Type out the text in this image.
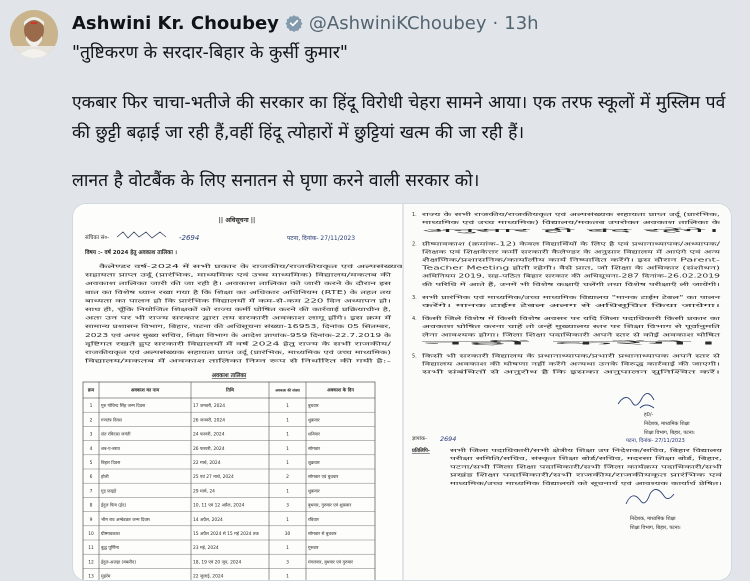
Ashwini Kr. Choubey @AshwiniKChoubey · 13h
"तुष्टिकरण के सरदार-बिहार के कुर्सी कुमार"
एकबार फिर चाचा-भतीजे की सरकार का हिंदू विरोधी चेहरा सामने आया। एक तरफ स्कूलों में मुस्लिम पर्व की छुट्टी बढ़ाई जा रही हैं,वहीं हिंदू त्योहारों में छुट्टियां खत्म की जा रही हैं।
लानत है वोटबैंक के लिए सनातन से घृणा करने वाली सरकार को।
|| अधिसूचना ||
संचिका सं०-	-2694	पटना, दिनांक- 27/11/2023
विषय :- वर्ष 2024 हेतु अवकाश तालिका ।
कैलेण्डर वर्ष-2024 में सभी प्रकार के राजकीय/राजकीयकृत एवं अल्पसंख्यक
सहायता प्राप्त उर्दू (प्रारंभिक, माध्यमिक एवं उच्च माध्यमिक) विद्यालय/मकतब की
अवकाश तालिका जारी की जा रही है। अवकाश तालिका को जारी करने के दौरान इस
बात का विशेष ध्यान रखा गया है कि शिक्षा का अधिकार अधिनियम (RTE) के तहत तय
बाध्यता का पालन हो कि प्रारंभिक विद्यालयों में कम-से-कम 220 दिन अध्यापन हो।
साथ ही, चूँकि नियोजित शिक्षकों को राज्य कर्मी घोषित करने की कार्रवाई प्रक्रियाधीन है,
अतः उन पर भी राज्य सरकार द्वारा तय सरकारी अवकाश लागू होंगे। इस क्रम में
सामान्य प्रशासन विभाग, बिहार, पटना की अधिसूचना संख्या-16953, दिनांक 05 सितम्बर,
2023 एवं अपर मुख्य सचिव, शिक्षा विभाग के आदेश ज्ञापांक-959 दिनांक-22.7.2019 के
दृष्टिगत रखते हुए सरकारी विद्यालयों में वर्ष 2024 हेतु राज्य के सभी राजकीय/
राजकीयकृत एवं अल्पसंख्यक सहायता प्राप्त उर्दू (प्रारंभिक, माध्यमिक एवं उच्च माध्यमिक)
विद्यालय/मकतब में अवकाश तालिका निम्न रूप से निर्धारित की गयी है:-
अवकाश तालिका
क्रम	अवकाश का नाम	तिथि	अवकाश की संख्या	अवकाश के दिन
1 गुरु गोविन्द सिंह जन्म दिवस	17 जनवरी, 2024	1	बुधवार
2 गणतंत्र दिवस	26 जनवरी, 2024	1	शुक्रवार
3 संत रविदास जयंती	24 फरवरी, 2024	1	शनिवार
4 शब-ए-बरात	26 फरवरी, 2024	1	सोमवार
5 बिहार दिवस	22 मार्च, 2024	1	शुक्रवार
6 होली	25 एवं 27 मार्च, 2024	2	सोमवार एवं बुधवार
7 गुड फ्राइडे	29 मार्च, 24	1	शुक्रवार
8 ईदुल फित्र (ईद)	10, 11 एवं 12 अप्रैल, 2024	3	बुधवार, गुरुवार एवं शुक्रवार
9 भीम राव अम्बेडकर जन्म दिवस	14 अप्रैल, 2024	1	रविवार
10 ग्रीष्मावकाश	15 अप्रैल 2024 से 15 मई 2024 तक	30	सोमवार से बुधवार
11 बुद्ध पूर्णिमा	23 मई, 2024	1	गुरुवार
12 ईदुल-अज़हा (बकरीद)	18, 19 एवं 20 जून, 2024	3	मंगलवार, बुधवार एवं गुरुवार
13 मुहर्रम	22 जुलाई, 2024	1
1. राज्य के सभी राजकीय/राजकीयकृत एवं अल्पसंख्यक सहायता प्राप्त उर्दू (प्रारंभिक,
माध्यमिक एवं उच्च माध्यमिक) विद्यालय/मकतब उपरोक्त अवकाश तालिका के
अनुसार ही बंद रहेंगे।
2. ग्रीष्मावकाश (क्रमांक-12) केवल विद्यार्थियों के लिए है एवं प्रधानाध्यापक/अध्यापक/
शिक्षक एवं शिक्षकेत्तर कर्मी सरकारी कैलेण्डर के अनुसार विद्यालय में आएंगे एवं अन्य
शैक्षणिक/प्रशासनिक/कार्यालीय कार्य निष्पादित करेंगे। इस दौरान Parent-
Teacher Meeting होती रहेगी। वैसे प्रात, जो शिक्षा के अधिकार (संशोधन)
अधिनियम 2019, सह-पठित बिहार सरकार की अधिसूचना-287 दिनांक-26.02.2019
की परिधि में आते हैं, उनमें भी विशेष कक्षाएँ चलेंगी तथा विशेष परीक्षाएँ ली जायेंगी।
3. सभी प्रारंभिक एवं माध्यमिक/उच्च माध्यमिक विद्यालय "मानक टाईम टेबल" का पालन
करेंगे। मानक टाईम टेबल अलग से अधिसूचित किया जायेगा।
4. किसी जिले विशेष में किसी विशेष अवसर पर यदि जिला पदाधिकारी किसी प्रकार का
अवकाश घोषित करना चाहें तो उन्हें मुख्यालय स्तर पर शिक्षा विभाग से पूर्वानुमति
लेना आवश्यक होगा। जिला शिक्षा पदाधिकारी अपने स्तर से कोई अवकाश घोषित
नहीं करेंगे।
5. किसी भी सरकारी विद्यालय के प्रधानाध्यापक/प्रभारी प्रधानाध्यापक अपने स्तर से
विद्यालय अवकाश की घोषणा नहीं करेंगे अन्यथा उनके विरुद्ध कार्रवाई की जाएगी।
सभी संबंधितों से अनुरोध है कि इसका अनुपालन सुनिश्चित करें।
ह0/-
निदेशक, माध्यमिक शिक्षा
शिक्षा विभाग, बिहार, पटना।
ज्ञापांक- 2694	पटना, दिनांक- 27/11/2023
प्रतिलिपि-	सभी जिला पदाधिकारी/सभी क्षेत्रीय शिक्षा उप निदेशक/सचिव, बिहार विद्यालय
परीक्षा समिति/सचिव, संस्कृत शिक्षा बोर्ड/सचिव, मदरसा शिक्षा बोर्ड, बिहार,
पटना/सभी जिला शिक्षा पदाधिकारी/सभी जिला कार्यक्रम पदाधिकारी/सभी
प्रखंड शिक्षा पदाधिकारी/सभी राजकीय/राजकीयकृत प्रारंभिक एवं
माध्यमिक/उच्च माध्यमिक विद्यालयों को सूचनार्थ एवं आवश्यक कार्यार्थ प्रेषित।
निदेशक, माध्यमिक शिक्षा
शिक्षा विभाग, बिहार, पटना।
